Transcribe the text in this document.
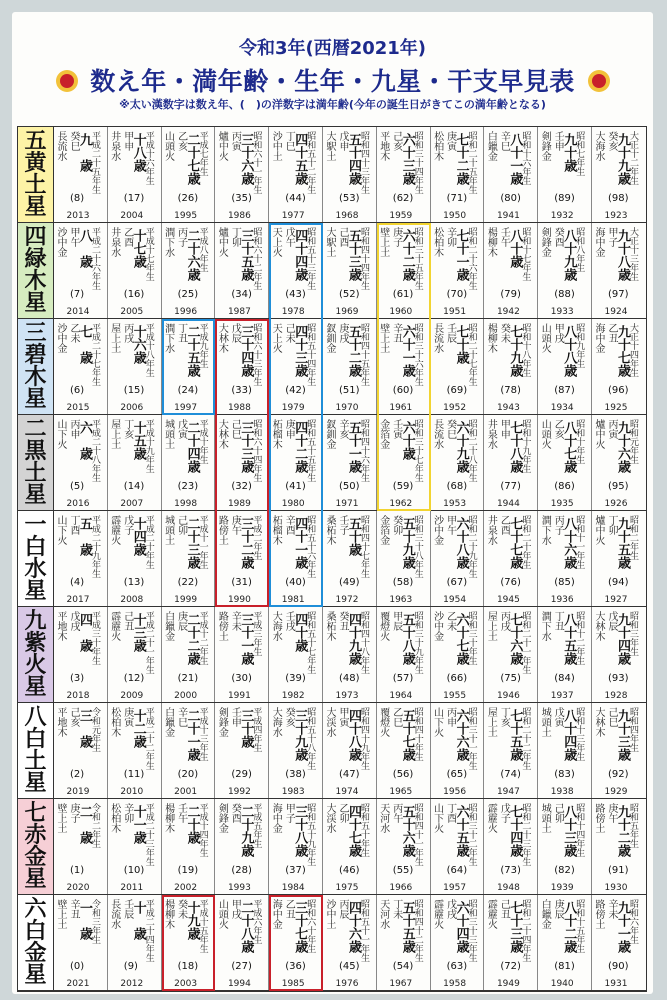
令和3年(西暦2021年)
数え年・満年齢・生年・九星・干支早見表
※太い漢数字は数え年、(　)の洋数字は満年齢(今年の誕生日がきてこの満年齢となる)
五
黄
土
星
長流水 癸巳
九　歳
平成二十五年生
(8)
2013
井泉水 甲申
十八歳
平成十六年生
(17)
2004
山頭火 乙亥
二十七歳
平成七年生
(26)
1995
爐中火 丙寅
三十六歳
昭和六十一年生
(35)
1986
沙中土 丁巳
四十五歳
昭和五十二年生
(44)
1977
大駅土 戊申
五十四歳
昭和四十三年生
(53)
1968
平地木 己亥
六十三歳
昭和三十四年生
(62)
1959
松柏木 庚寅
七十二歳
昭和二十五年生
(71)
1950
白鑞金 辛巳
八十一歳
昭和十六年生
(80)
1941
剣鋒金 壬申
九十歳
昭和七年生
(89)
1932
大海水 癸亥
九十九歳
大正十二年生
(98)
1923
四
緑
木
星
沙中金 甲午
八　歳
平成二十六年生
(7)
2014
井泉水 乙酉
十七歳
平成十七年生
(16)
2005
澗下水 丙子
二十六歳
平成八年生
(25)
1996
爐中火 丁卯
三十五歳
昭和六十二年生
(34)
1987
天上火 戊午
四十四歳
昭和五十三年生
(43)
1978
大駅土 己酉
五十三歳
昭和四十四年生
(52)
1969
壁上土 庚子
六十二歳
昭和三十五年生
(61)
1960
松柏木 辛卯
七十一歳
昭和二十六年生
(70)
1951
楊柳木 壬午
八十歳
昭和十七年生
(79)
1942
剣鋒金 癸酉
八十九歳
昭和八年生
(88)
1933
海中金 甲子
九十八歳
大正十三年生
(97)
1924
三
碧
木
星
沙中金 乙未
七　歳
平成二十七年生
(6)
2015
屋上土 丙戌
十六歳
平成十八年生
(15)
2006
澗下水 丁丑
二十五歳
平成九年生
(24)
1997
大林木 戊辰
三十四歳
昭和六十三年生
(33)
1988
天上火 己未
四十三歳
昭和五十四年生
(42)
1979
釵釧金 庚戌
五十二歳
昭和四十五年生
(51)
1970
壁上土 辛丑
六十一歳
昭和三十六年生
(60)
1961
長流水 壬辰
七十歳
昭和二十七年生
(69)
1952
楊柳木 癸未
七十九歳
昭和十八年生
(78)
1943
山頭火 甲戌
八十八歳
昭和九年生
(87)
1934
海中金 乙丑
九十七歳
大正十四年生
(96)
1925
二
黒
土
星
山下火 丙申
六　歳
平成二十八年生
(5)
2016
屋上土 丁亥
十五歳
平成十九年生
(14)
2007
城頭土 戊寅
二十四歳
平成十年生
(23)
1998
大林木 己巳
三十三歳
昭和六十四年生
(32)
1989
柘榴木 庚申
四十二歳
昭和五十五年生
(41)
1980
釵釧金 辛亥
五十一歳
昭和四十六年生
(50)
1971
金箔金 壬寅
六十歳
昭和三十七年生
(59)
1962
長流水 癸巳
六十九歳
昭和二十八年生
(68)
1953
井泉水 甲申
七十八歳
昭和十九年生
(77)
1944
山頭火 乙亥
八十七歳
昭和十年生
(86)
1935
爐中火 丙寅
九十六歳
昭和元年生
(95)
1926
一
白
水
星
山下火 丁酉
五　歳
平成二十九年生
(4)
2017
霹靂火 戊子
十四歳
平成二十年生
(13)
2008
城頭土 己卯
二十三歳
平成十一年生
(22)
1999
路傍土 庚午
三十二歳
平成二年生
(31)
1990
柘榴木 辛酉
四十一歳
昭和五十六年生
(40)
1981
桑柘木 壬子
五十歳
昭和四十七年生
(49)
1972
金箔金 癸卯
五十九歳
昭和三十八年生
(58)
1963
沙中金 甲午
六十八歳
昭和二十九年生
(67)
1954
井泉水 乙酉
七十七歳
昭和二十年生
(76)
1945
澗下水 丙子
八十六歳
昭和十一年生
(85)
1936
爐中火 丁卯
九十五歳
昭和二年生
(94)
1927
九
紫
火
星
平地木 戊戌
四　歳
平成三十年生
(3)
2018
霹靂火 己丑
十三歳
平成二十一年生
(12)
2009
白鑞金 庚辰
二十二歳
平成十二年生
(21)
2000
路傍土 辛未
三十一歳
平成三年生
(30)
1991
大海水 壬戌
四十歳
昭和五十七年生
(39)
1982
桑柘木 癸丑
四十九歳
昭和四十八年生
(48)
1973
覆燈火 甲辰
五十八歳
昭和三十九年生
(57)
1964
沙中金 乙未
六十七歳
昭和三十年生
(66)
1955
屋上土 丙戌
七十六歳
昭和二十一年生
(75)
1946
澗下水 丁丑
八十五歳
昭和十二年生
(84)
1937
大林木 戊辰
九十四歳
昭和三年生
(93)
1928
八
白
土
星
平地木 己亥
三　歳
令和元年生
(2)
2019
松柏木 庚寅
十二歳
平成二十二年生
(11)
2010
白鑞金 辛巳
二十一歳
平成十三年生
(20)
2001
剣鋒金 壬申
三十歳
平成四年生
(29)
1992
大海水 癸亥
三十九歳
昭和五十八年生
(38)
1983
大渓水 甲寅
四十八歳
昭和四十九年生
(47)
1974
覆燈火 乙巳
五十七歳
昭和四十年生
(56)
1965
山下火 丙申
六十六歳
昭和三十一年生
(65)
1956
屋上土 丁亥
七十五歳
昭和二十二年生
(74)
1947
城頭土 戊寅
八十四歳
昭和十三年生
(83)
1938
大林木 己巳
九十三歳
昭和四年生
(92)
1929
七
赤
金
星
壁上土 庚子
二　歳
令和二年生
(1)
2020
松柏木 辛卯
十一歳
平成二十三年生
(10)
2011
楊柳木 壬午
二十歳
平成十四年生
(19)
2002
剣鋒金 癸酉
二十九歳
平成五年生
(28)
1993
海中金 甲子
三十八歳
昭和五十九年生
(37)
1984
大渓水 乙卯
四十七歳
昭和五十年生
(46)
1975
天河水 丙午
五十六歳
昭和四十一年生
(55)
1966
山下火 丁酉
六十五歳
昭和三十二年生
(64)
1957
霹靂火 戊子
七十四歳
昭和二十三年生
(73)
1948
城頭土 己卯
八十三歳
昭和十四年生
(82)
1939
路傍土 庚午
九十二歳
昭和五年生
(91)
1930
六
白
金
星
壁上土 辛丑
一　歳
令和三年生
(0)
2021
長流水 壬辰
十　歳
平成二十四年生
(9)
2012
楊柳木 癸未
十九歳
平成十五年生
(18)
2003
山頭火 甲戌
二十八歳
平成六年生
(27)
1994
海中金 乙丑
三十七歳
昭和六十年生
(36)
1985
沙中土 丙辰
四十六歳
昭和五十一年生
(45)
1976
天河水 丁未
五十五歳
昭和四十二年生
(54)
1967
霹靂火 戊戌
六十四歳
昭和三十三年生
(63)
1958
霹靂火 己丑
七十三歳
昭和二十四年生
(72)
1949
白鑞金 庚辰
八十二歳
昭和十五年生
(81)
1940
路傍土 辛未
九十一歳
昭和六年生
(90)
1931
